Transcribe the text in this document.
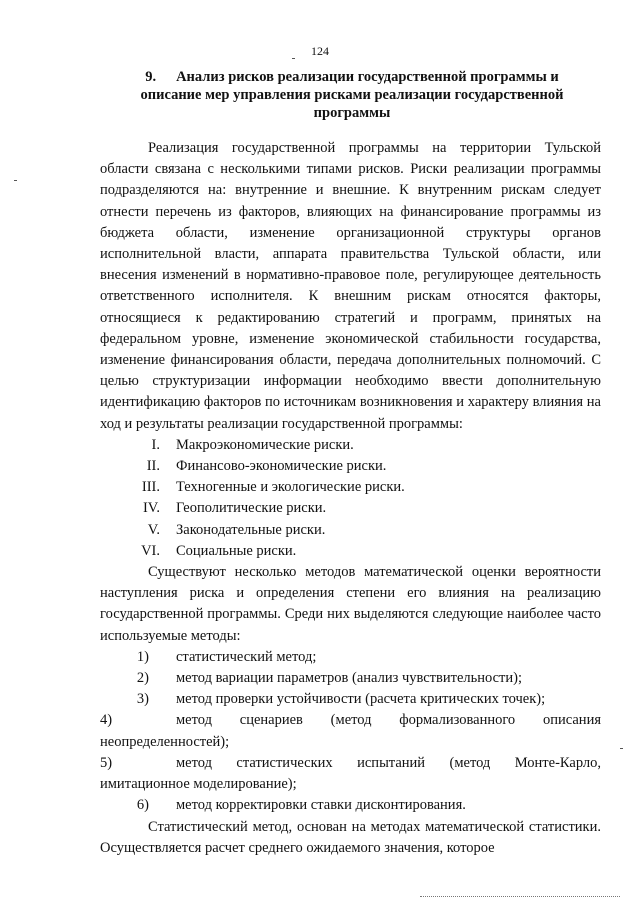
124
9. Анализ рисков реализации государственной программы и
описание мер управления рисками реализации государственной
программы

Реализация государственной программы на территории Тульской области связана с несколькими типами рисков. Риски реализации программы подразделяются на: внутренние и внешние. К внутренним рискам следует отнести перечень из факторов, влияющих на финансирование программы из бюджета области, изменение организационной структуры органов исполнительной власти, аппарата правительства Тульской области, или внесения изменений в нормативно-правовое поле, регулирующее деятельность ответственного исполнителя. К внешним рискам относятся факторы, относящиеся к редактированию стратегий и программ, принятых на федеральном уровне, изменение экономической стабильности государства, изменение финансирования области, передача дополнительных полномочий. С целью структуризации информации необходимо ввести дополнительную идентификацию факторов по источникам возникновения и характеру влияния на ход и результаты реализации государственной программы:

I.	Макроэкономические риски.
II.	Финансово-экономические риски.
III.	Техногенные и экологические риски.
IV.	Геополитические риски.
V.	Законодательные риски.
VI.	Социальные риски.

Существуют несколько методов математической оценки вероятности наступления риска и определения степени его влияния на реализацию государственной программы. Среди них выделяются следующие наиболее часто используемые методы:

1)	статистический метод;
2)	метод вариации параметров (анализ чувствительности);
3)	метод проверки устойчивости (расчета критических точек);
4)	метод сценариев (метод формализованного описания неопределенностей);
5)	метод статистических испытаний (метод Монте-Карло, имитационное моделирование);
6)	метод корректировки ставки дисконтирования.

Статистический метод, основан на методах математической статистики. Осуществляется расчет среднего ожидаемого значения, которое
